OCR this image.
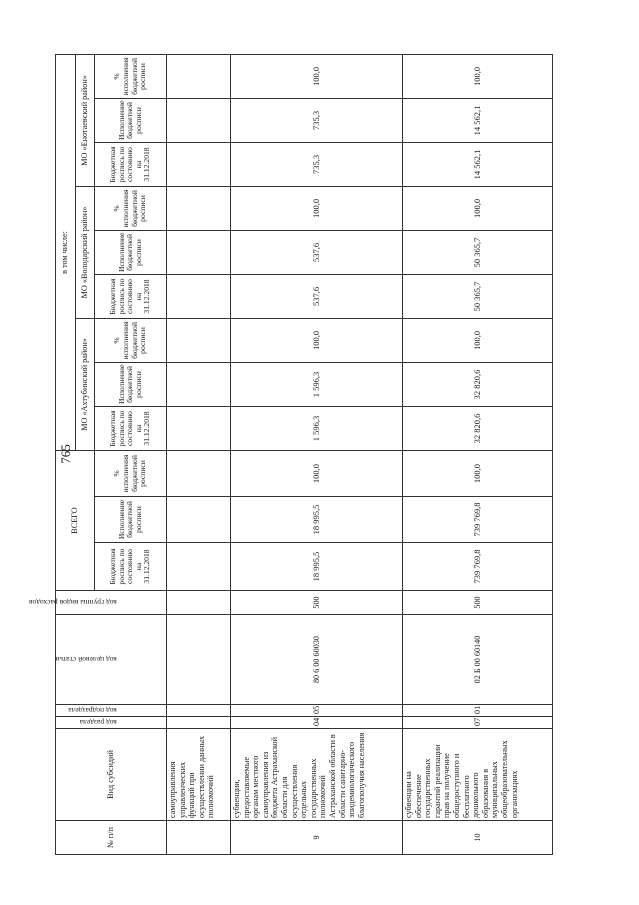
765
№ п/п	Вид субсидий	код раздела	код подраздела	код целевой статьи	код группы видов расходов	ВСЕГО			в том числе:								
									МО «Ахтубинский район»			МО «Володарский район»			МО «Енотаевский район»		
						Бюджетная роспись по состоянию на 31.12.2018	Исполнение бюджетной росписи	% исполнения бюджетной росписи	Бюджетная роспись по состоянию на 31.12.2018	Исполнение бюджетной росписи	% исполнения бюджетной росписи	Бюджетная роспись по состоянию на 31.12.2018	Исполнение бюджетной росписи	% исполнения бюджетной росписи	Бюджетная роспись по состоянию на 31.12.2018	Исполнение бюджетной росписи	% исполнения бюджетной росписи
	самоуправления управленческих функций при осуществлении данных полномочий																
9	субвенции, предоставляемые органам местного самоуправления из бюджета Астраханской области для осуществления отдельных государственных полномочий Астраханской области в области санитарно-эпидемиологического благополучия населения	04	05	80 6 00 60030	500	18 995,5	18 995,5	100,0	1 596,3	1 596,3	100,0	537,6	537,6	100,0	735,3	735,3	100,0
10	субвенции на обеспечение государственных гарантий реализации прав на получение общедоступного и бесплатного дошкольного образования в муниципальных общеобразовательных организациях	07	01	02 Б 00 60140	500	739 769,8	739 769,8	100,0	32 820,6	32 820,6	100,0	50 365,7	50 365,7	100,0	14 562,1	14 562,1	100,0
